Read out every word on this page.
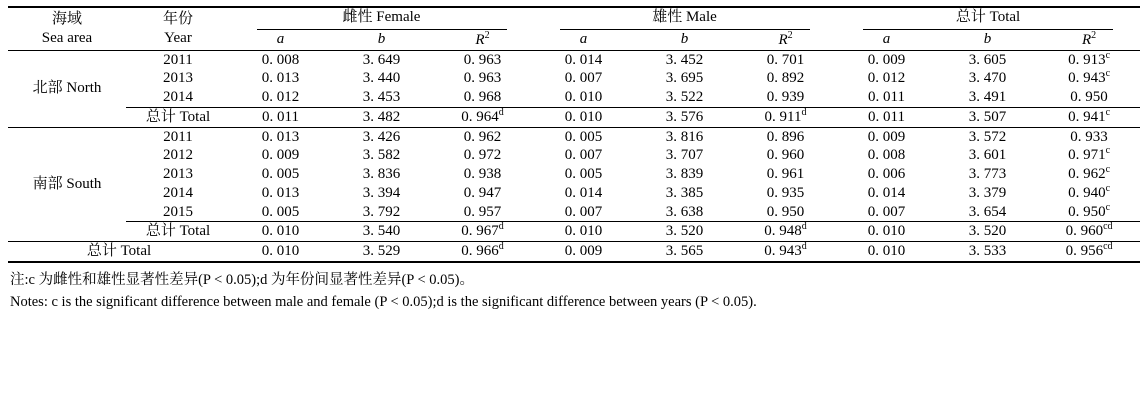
海域
Sea area	年份
Year	雌性 Female			雄性 Male			总计 Total		
		a	b	$R^2$	a	b	$R^2$	a	b	$R^2$
北部 North	2011	0. 008	3. 649	0. 963	0. 014	3. 452	0. 701	0. 009	3. 605	0. 913$^c$
	2013	0. 013	3. 440	0. 963	0. 007	3. 695	0. 892	0. 012	3. 470	0. 943$^c$
	2014	0. 012	3. 453	0. 968	0. 010	3. 522	0. 939	0. 011	3. 491	0. 950
	总计 Total	0. 011	3. 482	0. 964$^d$	0. 010	3. 576	0. 911$^d$	0. 011	3. 507	0. 941$^c$
南部 South	2011	0. 013	3. 426	0. 962	0. 005	3. 816	0. 896	0. 009	3. 572	0. 933
	2012	0. 009	3. 582	0. 972	0. 007	3. 707	0. 960	0. 008	3. 601	0. 971$^c$
	2013	0. 005	3. 836	0. 938	0. 005	3. 839	0. 961	0. 006	3. 773	0. 962$^c$
	2014	0. 013	3. 394	0. 947	0. 014	3. 385	0. 935	0. 014	3. 379	0. 940$^c$
	2015	0. 005	3. 792	0. 957	0. 007	3. 638	0. 950	0. 007	3. 654	0. 950$^c$
	总计 Total	0. 010	3. 540	0. 967$^d$	0. 010	3. 520	0. 948$^d$	0. 010	3. 520	0. $960^{cd}$
总计 Total		0. 010	3. 529	0. 966$^d$	0. 009	3. 565	0. 943$^d$	0. 010	3. 533	0. $956^{cd}$
注:c 为雌性和雄性显著性差异(P < 0.05);d 为年份间显著性差异(P < 0.05)。
Notes: c is the significant difference between male and female (P < 0.05);d is the significant difference between years (P < 0.05).
